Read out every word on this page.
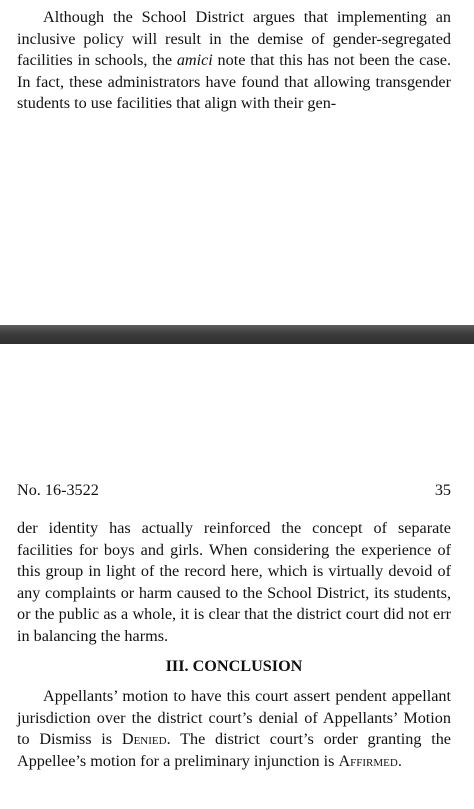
Although the School District argues that implementing an inclusive policy will result in the demise of gender-segregated facilities in schools, the amici note that this has not been the case. In fact, these administrators have found that allowing transgender students to use facilities that align with their gen-

No. 16-3522	35

der identity has actually reinforced the concept of separate facilities for boys and girls. When considering the experience of this group in light of the record here, which is virtually devoid of any complaints or harm caused to the School District, its students, or the public as a whole, it is clear that the district court did not err in balancing the harms.

III. CONCLUSION

Appellants’ motion to have this court assert pendent appellant jurisdiction over the district court’s denial of Appellants’ Motion to Dismiss is Denied. The district court’s order granting the Appellee’s motion for a preliminary injunction is Affirmed.
